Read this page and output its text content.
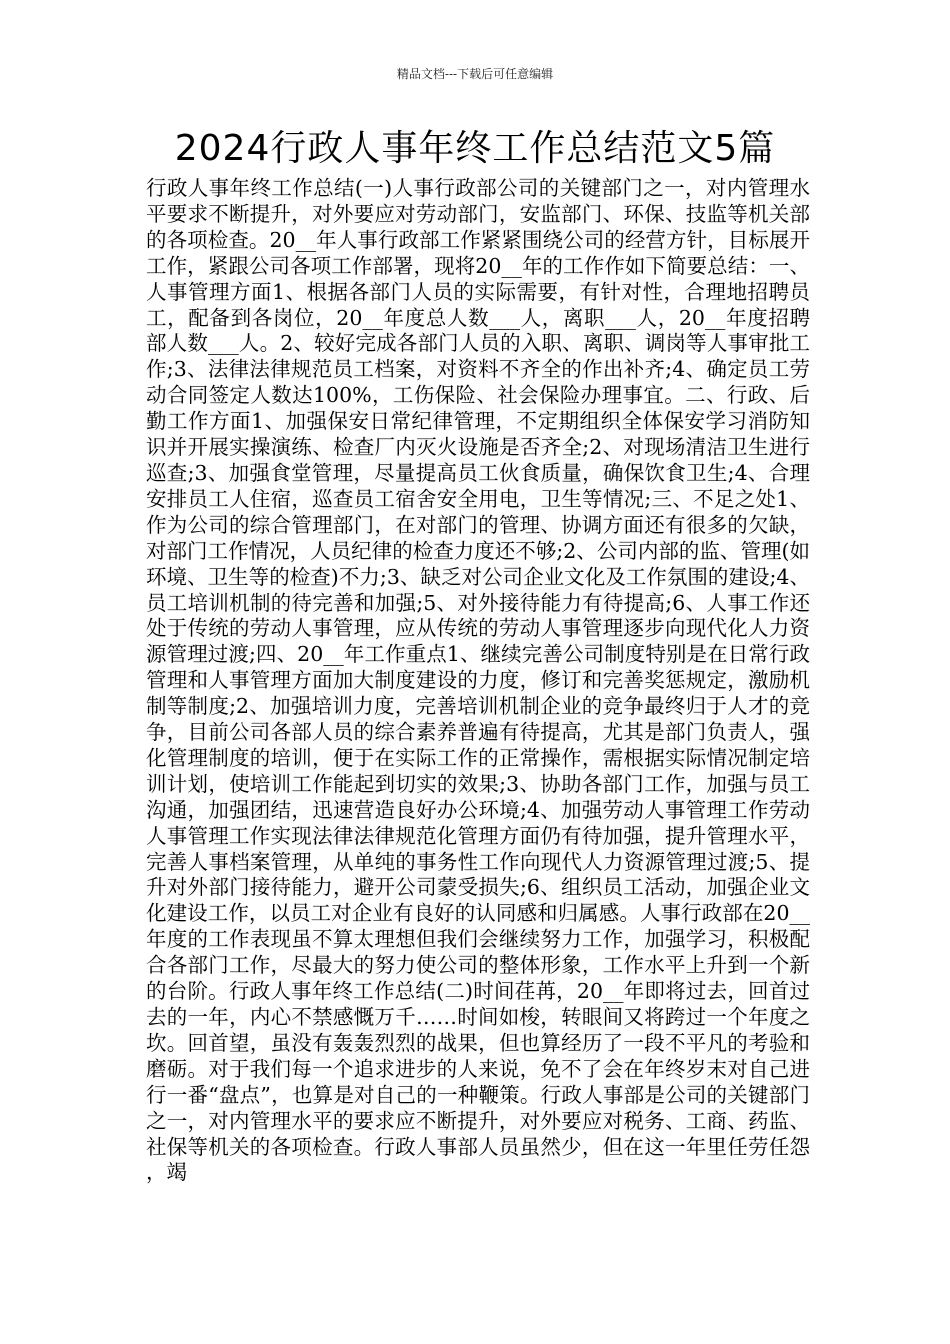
精品文档---下载后可任意编辑
2024行政人事年终工作总结范文5篇

行政人事年终工作总结(一)人事行政部公司的关键部门之一，对内管理水平要求不断提升，对外要应对劳动部门，安监部门、环保、技监等机关部的各项检查。20__年人事行政部工作紧紧围绕公司的经营方针，目标展开工作，紧跟公司各项工作部署，现将20__年的工作作如下简要总结：一、人事管理方面1、根据各部门人员的实际需要，有针对性，合理地招聘员工，配备到各岗位，20__年度总人数___人，离职___人，20__年度招聘部人数___人。2、较好完成各部门人员的入职、离职、调岗等人事审批工作;3、法律法律规范员工档案，对资料不齐全的作出补齐;4、确定员工劳动合同签定人数达100%，工伤保险、社会保险办理事宜。二、行政、后勤工作方面1、加强保安日常纪律管理，不定期组织全体保安学习消防知识并开展实操演练、检查厂内灭火设施是否齐全;2、对现场清洁卫生进行巡查;3、加强食堂管理，尽量提高员工伙食质量，确保饮食卫生;4、合理安排员工人住宿，巡查员工宿舍安全用电，卫生等情况;三、不足之处1、作为公司的综合管理部门，在对部门的管理、协调方面还有很多的欠缺，对部门工作情况，人员纪律的检查力度还不够;2、公司内部的监、管理(如环境、卫生等的检查)不力;3、缺乏对公司企业文化及工作氛围的建设;4、员工培训机制的待完善和加强;5、对外接待能力有待提高;6、人事工作还处于传统的劳动人事管理，应从传统的劳动人事管理逐步向现代化人力资源管理过渡;四、20__年工作重点1、继续完善公司制度特别是在日常行政管理和人事管理方面加大制度建设的力度，修订和完善奖惩规定，激励机制等制度;2、加强培训力度，完善培训机制企业的竞争最终归于人才的竞争，目前公司各部人员的综合素养普遍有待提高，尤其是部门负责人，强化管理制度的培训，便于在实际工作的正常操作，需根据实际情况制定培训计划，使培训工作能起到切实的效果;3、协助各部门工作，加强与员工沟通，加强团结，迅速营造良好办公环境;4、加强劳动人事管理工作劳动人事管理工作实现法律法律规范化管理方面仍有待加强，提升管理水平，完善人事档案管理，从单纯的事务性工作向现代人力资源管理过渡;5、提升对外部门接待能力，避开公司蒙受损失;6、组织员工活动，加强企业文化建设工作，以员工对企业有良好的认同感和归属感。人事行政部在20__年度的工作表现虽不算太理想但我们会继续努力工作，加强学习，积极配合各部门工作，尽最大的努力使公司的整体形象，工作水平上升到一个新的台阶。行政人事年终工作总结(二)时间荏苒，20__年即将过去，回首过去的一年，内心不禁感慨万千……时间如梭，转眼间又将跨过一个年度之坎。回首望，虽没有轰轰烈烈的战果，但也算经历了一段不平凡的考验和磨砺。对于我们每一个追求进步的人来说，免不了会在年终岁末对自己进行一番“盘点”，也算是对自己的一种鞭策。行政人事部是公司的关键部门之一，对内管理水平的要求应不断提升，对外要应对税务、工商、药监、社保等机关的各项检查。行政人事部人员虽然少，但在这一年里任劳任怨，竭
